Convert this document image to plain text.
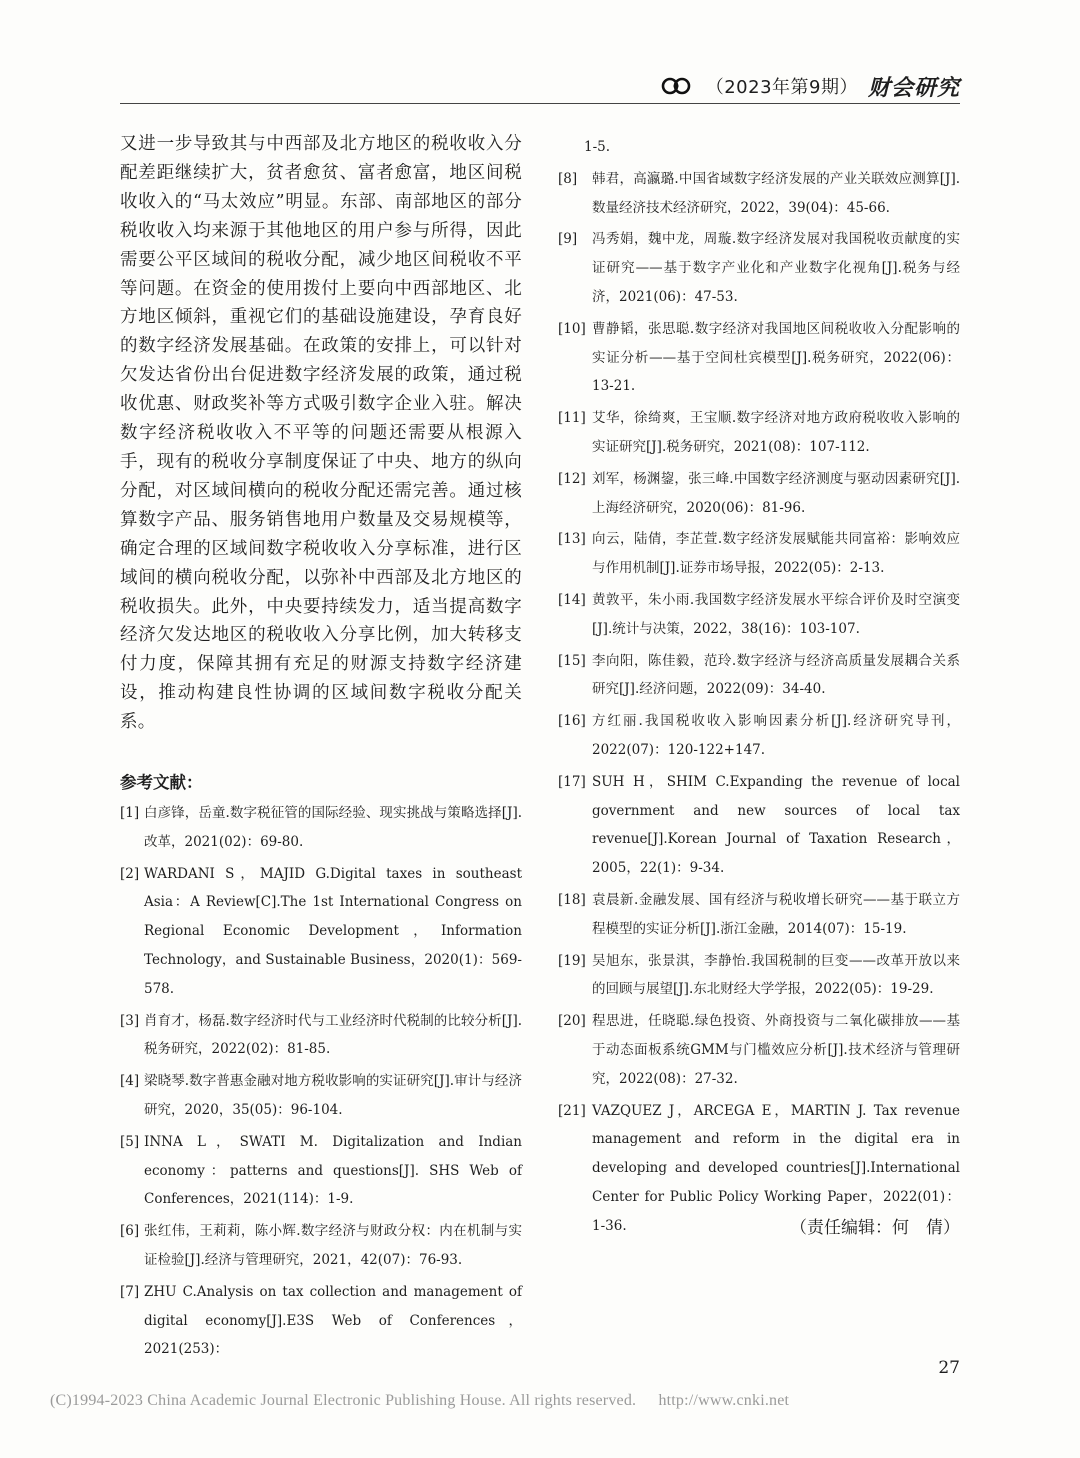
（2023年第9期） 财会研究

又进一步导致其与中西部及北方地区的税收收入分配差距继续扩大，贫者愈贫、富者愈富，地区间税收收入的“马太效应”明显。东部、南部地区的部分税收收入均来源于其他地区的用户参与所得，因此需要公平区域间的税收分配，减少地区间税收不平等问题。在资金的使用拨付上要向中西部地区、北方地区倾斜，重视它们的基础设施建设，孕育良好的数字经济发展基础。在政策的安排上，可以针对欠发达省份出台促进数字经济发展的政策，通过税收优惠、财政奖补等方式吸引数字企业入驻。解决数字经济税收收入不平等的问题还需要从根源入手，现有的税收分享制度保证了中央、地方的纵向分配，对区域间横向的税收分配还需完善。通过核算数字产品、服务销售地用户数量及交易规模等，确定合理的区域间数字税收收入分享标准，进行区域间的横向税收分配，以弥补中西部及北方地区的税收损失。此外，中央要持续发力，适当提高数字经济欠发达地区的税收收入分享比例，加大转移支付力度，保障其拥有充足的财源支持数字经济建设，推动构建良性协调的区域间数字税收分配关系。

参考文献：
[1] 白彦锋，岳童.数字税征管的国际经验、现实挑战与策略选择[J].改革，2021(02)：69-80.
[2] WARDANI S，MAJID G.Digital taxes in southeast Asia：A Review[C].The 1st International Congress on Regional Economic Development，Information Technology，and Sustainable Business，2020(1)：569-578.
[3] 肖育才，杨磊.数字经济时代与工业经济时代税制的比较分析[J].税务研究，2022(02)：81-85.
[4] 梁晓琴.数字普惠金融对地方税收影响的实证研究[J].审计与经济研究，2020，35(05)：96-104.
[5] INNA L，SWATI M. Digitalization and Indian economy：patterns and questions[J]. SHS Web of Conferences，2021(114)：1-9.
[6] 张红伟，王莉莉，陈小辉.数字经济与财政分权：内在机制与实证检验[J].经济与管理研究，2021，42(07)：76-93.
[7] ZHU C.Analysis on tax collection and management of digital economy[J].E3S Web of Conferences，2021(253)：
1-5.
[8]	韩君，高瀛璐.中国省域数字经济发展的产业关联效应测算[J].数量经济技术经济研究，2022，39(04)：45-66.
[9]	冯秀娟，魏中龙，周璇.数字经济发展对我国税收贡献度的实证研究——基于数字产业化和产业数字化视角[J].税务与经济，2021(06)：47-53.
[10] 曹静韬，张思聪.数字经济对我国地区间税收收入分配影响的实证分析——基于空间杜宾模型[J].税务研究，2022(06)：13-21.
[11] 艾华，徐绮爽，王宝顺.数字经济对地方政府税收收入影响的实证研究[J].税务研究，2021(08)：107-112.
[12] 刘军，杨渊鋆，张三峰.中国数字经济测度与驱动因素研究[J].上海经济研究，2020(06)：81-96.
[13] 向云，陆倩，李芷萱.数字经济发展赋能共同富裕：影响效应与作用机制[J].证券市场导报，2022(05)：2-13.
[14] 黄敦平，朱小雨.我国数字经济发展水平综合评价及时空演变[J].统计与决策，2022，38(16)：103-107.
[15] 李向阳，陈佳毅，范玲.数字经济与经济高质量发展耦合关系研究[J].经济问题，2022(09)：34-40.
[16] 方红丽.我国税收收入影响因素分析[J].经济研究导刊，2022(07)：120-122+147.
[17] SUH H，SHIM C.Expanding the revenue of local government and new sources of local tax revenue[J].Korean Journal of Taxation Research，2005，22(1)：9-34.
[18] 袁晨新.金融发展、国有经济与税收增长研究——基于联立方程模型的实证分析[J].浙江金融，2014(07)：15-19.
[19] 吴旭东，张景淇，李静怡.我国税制的巨变——改革开放以来的回顾与展望[J].东北财经大学学报，2022(05)：19-29.
[20] 程思进，任晓聪.绿色投资、外商投资与二氧化碳排放——基于动态面板系统GMM与门槛效应分析[J].技术经济与管理研究，2022(08)：27-32.
[21] VAZQUEZ J，ARCEGA E，MARTIN J. Tax revenue management and reform in the digital era in developing and developed countries[J].International Center for Public Policy Working Paper，2022(01)：1-36.	（责任编辑：何　倩）
27
(C)1994-2023 China Academic Journal Electronic Publishing House. All rights reserved. http://www.cnki.net
